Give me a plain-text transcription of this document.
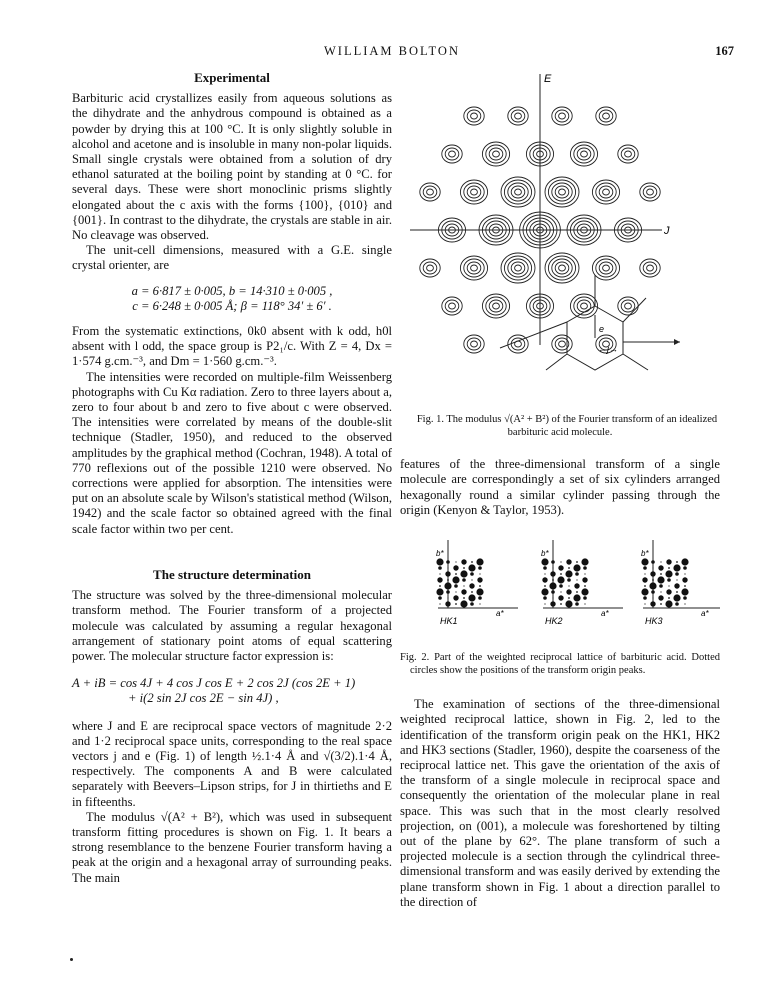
WILLIAM BOLTON	167
Experimental

Barbituric acid crystallizes easily from aqueous solutions as the dihydrate and the anhydrous compound is obtained as a powder by drying this at 100 °C. It is only slightly soluble in alcohol and acetone and is insoluble in many non-polar liquids. Small single crystals were obtained from a solution of dry ethanol saturated at the boiling point by standing at 0 °C. for several days. These were short monoclinic prisms slightly elongated about the c axis with the forms {100}, {010} and {001}. In contrast to the dihydrate, the crystals are stable in air. No cleavage was observed.

The unit-cell dimensions, measured with a G.E. single crystal orienter, are

a = 6·817 ± 0·005, b = 14·310 ± 0·005 ,
c = 6·248 ± 0·005 Å; β = 118° 34′ ± 6′ .

From the systematic extinctions, 0k0 absent with k odd, h0l absent with l odd, the space group is P2₁/c. With Z = 4, Dx = 1·574 g.cm.⁻³, and Dm = 1·560 g.cm.⁻³.

The intensities were recorded on multiple-film Weissenberg photographs with Cu Kα radiation. Zero to three layers about a, zero to four about b and zero to five about c were observed. The intensities were correlated by means of the double-slit technique (Stadler, 1950), and reduced to the observed amplitudes by the graphical method (Cochran, 1948). A total of 770 reflexions out of the possible 1210 were observed. No corrections were applied for absorption. The intensities were put on an absolute scale by Wilson's statistical method (Wilson, 1942) and the scale factor so obtained agreed with the final scale factor within two per cent.

The structure determination

The structure was solved by the three-dimensional molecular transform method. The Fourier transform of a projected molecule was calculated by assuming a regular hexagonal arrangement of stationary point atoms of equal scattering power. The molecular structure factor expression is:

A + iB = cos 4J + 4 cos J cos E + 2 cos 2J (cos 2E + 1)
+ i(2 sin 2J cos 2E − sin 4J) ,

where J and E are reciprocal space vectors of magnitude 2·2 and 1·2 reciprocal space units, corresponding to the real space vectors j and e (Fig. 1) of length ½.1·4 Å and √(3/2).1·4 Å, respectively. The components A and B were calculated separately with Beevers–Lipson strips, for J in thirtieths and E in fifteenths.

The modulus √(A² + B²), which was used in subsequent transform fitting procedures is shown on Fig. 1. It bears a strong resemblance to the benzene Fourier transform having a peak at the origin and a hexagonal array of surrounding peaks. The main

E
J
e
←j→

Fig. 1. The modulus √(A² + B²) of the Fourier transform of an idealized barbituric acid molecule.

features of the three-dimensional transform of a single molecule are correspondingly a set of six cylinders arranged hexagonally round a similar cylinder passing through the origin (Kenyon & Taylor, 1953).

HK1
a*
b*
HK2
a*
b*
HK3
a*
b*

Fig. 2. Part of the weighted reciprocal lattice of barbituric acid. Dotted circles show the positions of the transform origin peaks.

The examination of sections of the three-dimensional weighted reciprocal lattice, shown in Fig. 2, led to the identification of the transform origin peak on the HK1, HK2 and HK3 sections (Stadler, 1960), despite the coarseness of the reciprocal lattice net. This gave the orientation of the axis of the transform of a single molecule in reciprocal space and consequently the orientation of the molecular plane in real space. This was such that in the most clearly resolved projection, on (001), a molecule was foreshortened by tilting out of the plane by 62°. The plane transform of such a projected molecule is a section through the cylindrical three-dimensional transform and was easily derived by extending the plane transform shown in Fig. 1 about a direction parallel to the direction of
